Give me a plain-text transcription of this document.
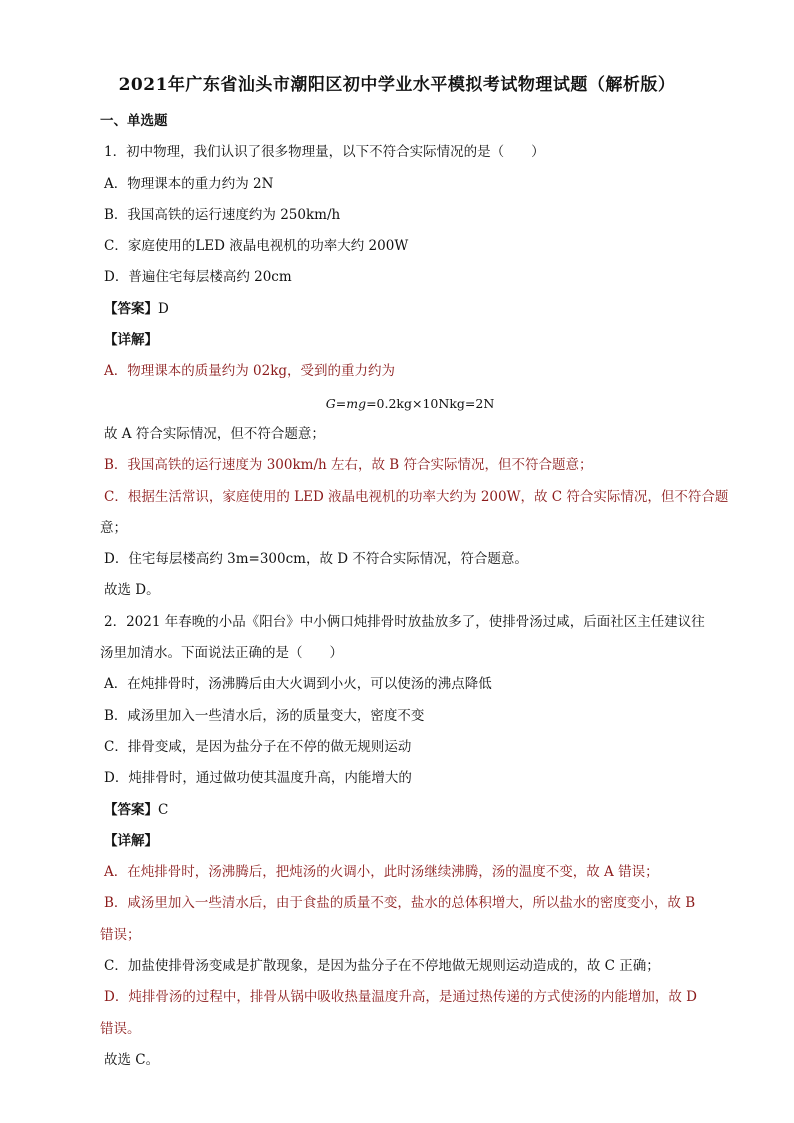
2021年广东省汕头市潮阳区初中学业水平模拟考试物理试题（解析版）
一、单选题
1．初中物理，我们认识了很多物理量，以下不符合实际情况的是（　　）
A．物理课本的重力约为 2N
B．我国高铁的运行速度约为 250km/h
C．家庭使用的LED 液晶电视机的功率大约 200W
D．普遍住宅每层楼高约 20cm
【答案】D
【详解】
A．物理课本的质量约为 02kg，受到的重力约为
G=mg=0.2kg×10Nkg=2N
故 A 符合实际情况，但不符合题意；
B．我国高铁的运行速度为 300km/h 左右，故 B 符合实际情况，但不符合题意；
C．根据生活常识，家庭使用的 LED 液晶电视机的功率大约为 200W，故 C 符合实际情况，但不符合题
意；
D．住宅每层楼高约 3m=300cm，故 D 不符合实际情况，符合题意。
故选 D。
2．2021 年春晚的小品《阳台》中小俩口炖排骨时放盐放多了，使排骨汤过咸，后面社区主任建议往
汤里加清水。下面说法正确的是（　　）
A．在炖排骨时，汤沸腾后由大火调到小火，可以使汤的沸点降低
B．咸汤里加入一些清水后，汤的质量变大，密度不变
C．排骨变咸，是因为盐分子在不停的做无规则运动
D．炖排骨时，通过做功使其温度升高，内能增大的
【答案】C
【详解】
A．在炖排骨时，汤沸腾后，把炖汤的火调小，此时汤继续沸腾，汤的温度不变，故 A 错误；
B．咸汤里加入一些清水后，由于食盐的质量不变，盐水的总体积增大，所以盐水的密度变小，故 B
错误；
C．加盐使排骨汤变咸是扩散现象，是因为盐分子在不停地做无规则运动造成的，故 C 正确；
D．炖排骨汤的过程中，排骨从锅中吸收热量温度升高，是通过热传递的方式使汤的内能增加，故 D
错误。
故选 C。
